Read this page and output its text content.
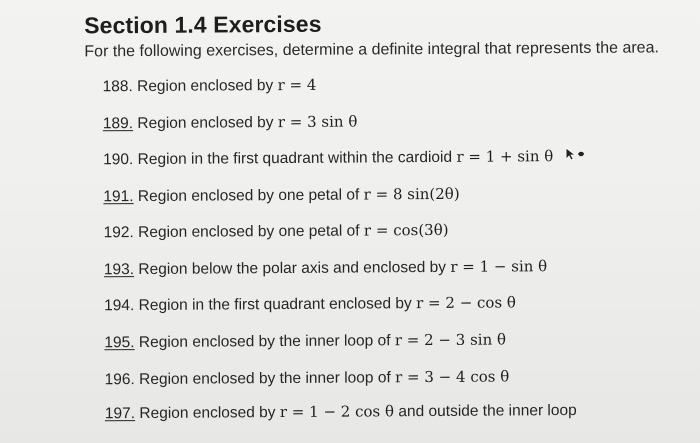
Section 1.4 Exercises
For the following exercises, determine a definite integral that represents the area.
188. Region enclosed by r = 4
189. Region enclosed by r = 3 sin θ
190. Region in the first quadrant within the cardioid r = 1 + sin θ
191. Region enclosed by one petal of r = 8 sin(2θ)
192. Region enclosed by one petal of r = cos(3θ)
193. Region below the polar axis and enclosed by r = 1 − sin θ
194. Region in the first quadrant enclosed by r = 2 − cos θ
195. Region enclosed by the inner loop of r = 2 − 3 sin θ
196. Region enclosed by the inner loop of r = 3 − 4 cos θ
197. Region enclosed by r = 1 − 2 cos θ and outside the inner loop
